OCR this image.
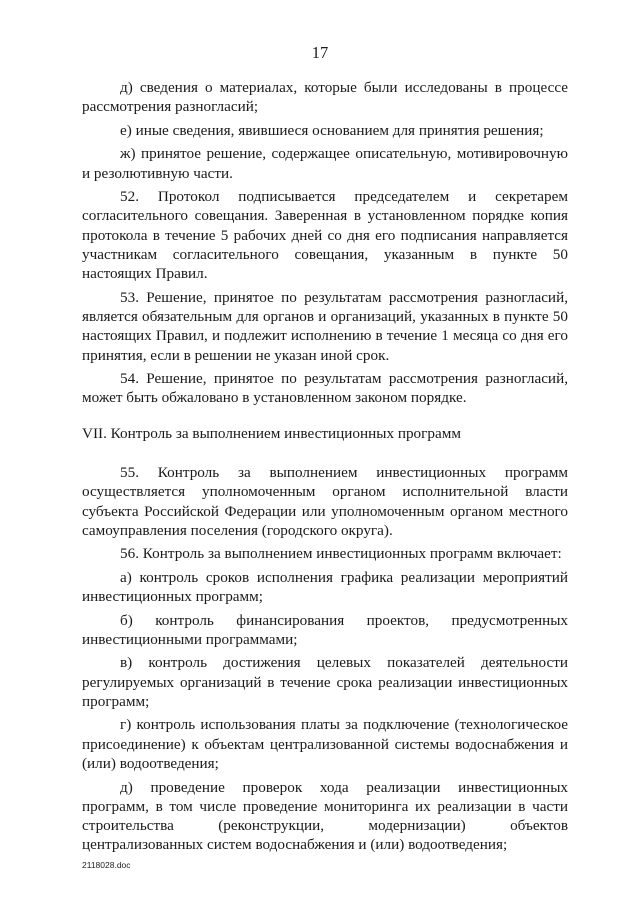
17

д) сведения о материалах, которые были исследованы в процессе рассмотрения разногласий;

е) иные сведения, явившиеся основанием для принятия решения;

ж) принятое решение, содержащее описательную, мотивировочную и резолютивную части.

52. Протокол подписывается председателем и секретарем согласительного совещания. Заверенная в установленном порядке копия протокола в течение 5 рабочих дней со дня его подписания направляется участникам согласительного совещания, указанным в пункте 50 настоящих Правил.

53. Решение, принятое по результатам рассмотрения разногласий, является обязательным для органов и организаций, указанных в пункте 50 настоящих Правил, и подлежит исполнению в течение 1 месяца со дня его принятия, если в решении не указан иной срок.

54. Решение, принятое по результатам рассмотрения разногласий, может быть обжаловано в установленном законом порядке.

VII. Контроль за выполнением инвестиционных программ

55. Контроль за выполнением инвестиционных программ осуществляется уполномоченным органом исполнительной власти субъекта Российской Федерации или уполномоченным органом местного самоуправления поселения (городского округа).

56. Контроль за выполнением инвестиционных программ включает:

а) контроль сроков исполнения графика реализации мероприятий инвестиционных программ;

б) контроль финансирования проектов, предусмотренных инвестиционными программами;

в) контроль достижения целевых показателей деятельности регулируемых организаций в течение срока реализации инвестиционных программ;

г) контроль использования платы за подключение (технологическое присоединение) к объектам централизованной системы водоснабжения и (или) водоотведения;

д) проведение проверок хода реализации инвестиционных программ, в том числе проведение мониторинга их реализации в части строительства (реконструкции, модернизации) объектов централизованных систем водоснабжения и (или) водоотведения;

2118028.doc
